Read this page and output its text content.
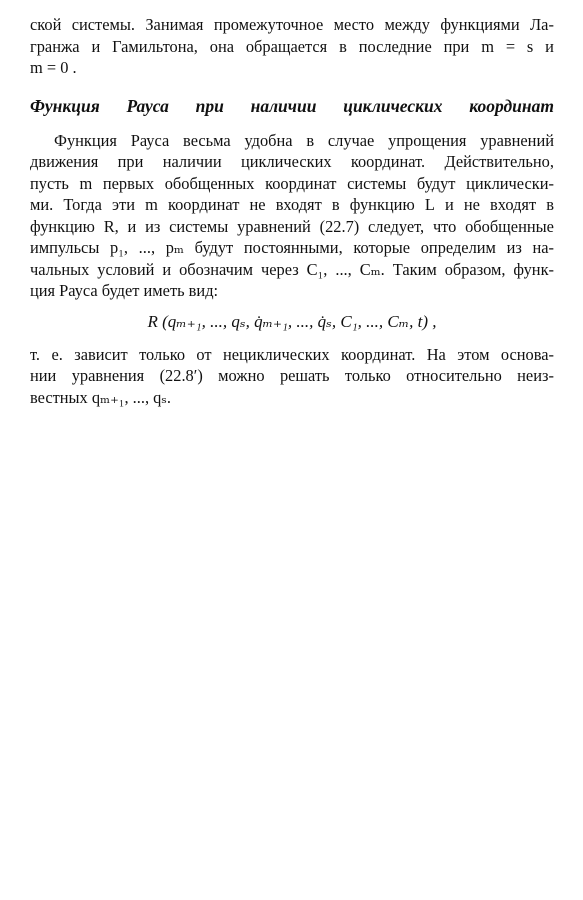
ской системы. Занимая промежуточное место между функциями Ла-
гранжа и Гамильтона, она обращается в последние при m = s и
m = 0 .
Функция Рауса при наличии циклических координат
Функция Рауса весьма удобна в случае упрощения уравнений
движения при наличии циклических координат. Действительно,
пусть m первых обобщенных координат системы будут циклически-
ми. Тогда эти m координат не входят в функцию L и не входят в
функцию R, и из системы уравнений (22.7) следует, что обобщенные
импульсы p₁, ..., pₘ будут постоянными, которые определим из на-
чальных условий и обозначим через C₁, ..., Cₘ. Таким образом, функ-
ция Рауса будет иметь вид:
R (qₘ₊₁, ..., qₛ, q̇ₘ₊₁, ..., q̇ₛ, C₁, ..., Cₘ, t) ,
т. е. зависит только от нециклических координат. На этом основа-
нии уравнения (22.8′) можно решать только относительно неиз-
вестных qₘ₊₁, ..., qₛ.
